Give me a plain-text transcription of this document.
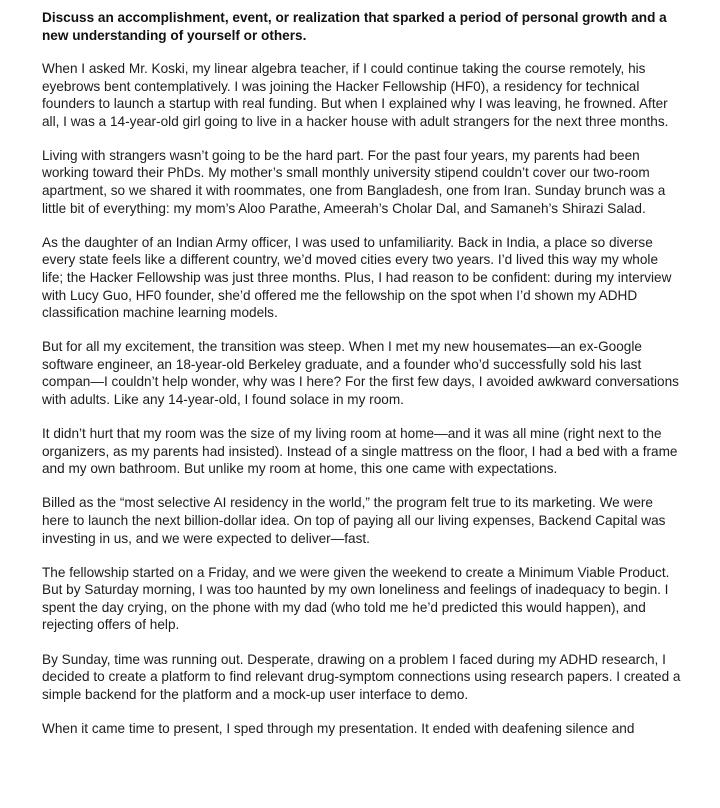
Discuss an accomplishment, event, or realization that sparked a period of personal growth and a new understanding of yourself or others.

When I asked Mr. Koski, my linear algebra teacher, if I could continue taking the course remotely, his eyebrows bent contemplatively. I was joining the Hacker Fellowship (HF0), a residency for technical founders to launch a startup with real funding. But when I explained why I was leaving, he frowned. After all, I was a 14-year-old girl going to live in a hacker house with adult strangers for the next three months.

Living with strangers wasn’t going to be the hard part. For the past four years, my parents had been working toward their PhDs. My mother’s small monthly university stipend couldn’t cover our two-room apartment, so we shared it with roommates, one from Bangladesh, one from Iran. Sunday brunch was a little bit of everything: my mom’s Aloo Parathe, Ameerah’s Cholar Dal, and Samaneh’s Shirazi Salad.

As the daughter of an Indian Army officer, I was used to unfamiliarity. Back in India, a place so diverse every state feels like a different country, we’d moved cities every two years. I’d lived this way my whole life; the Hacker Fellowship was just three months. Plus, I had reason to be confident: during my interview with Lucy Guo, HF0 founder, she’d offered me the fellowship on the spot when I’d shown my ADHD classification machine learning models.

But for all my excitement, the transition was steep. When I met my new housemates—an ex-Google software engineer, an 18-year-old Berkeley graduate, and a founder who’d successfully sold his last compan—I couldn’t help wonder, why was I here? For the first few days, I avoided awkward conversations with adults. Like any 14-year-old, I found solace in my room.

It didn’t hurt that my room was the size of my living room at home—and it was all mine (right next to the organizers, as my parents had insisted). Instead of a single mattress on the floor, I had a bed with a frame and my own bathroom. But unlike my room at home, this one came with expectations.

Billed as the “most selective AI residency in the world,” the program felt true to its marketing. We were here to launch the next billion-dollar idea. On top of paying all our living expenses, Backend Capital was investing in us, and we were expected to deliver—fast.

The fellowship started on a Friday, and we were given the weekend to create a Minimum Viable Product. But by Saturday morning, I was too haunted by my own loneliness and feelings of inadequacy to begin. I spent the day crying, on the phone with my dad (who told me he’d predicted this would happen), and rejecting offers of help.

By Sunday, time was running out. Desperate, drawing on a problem I faced during my ADHD research, I decided to create a platform to find relevant drug-symptom connections using research papers. I created a simple backend for the platform and a mock-up user interface to demo.

When it came time to present, I sped through my presentation. It ended with deafening silence and
